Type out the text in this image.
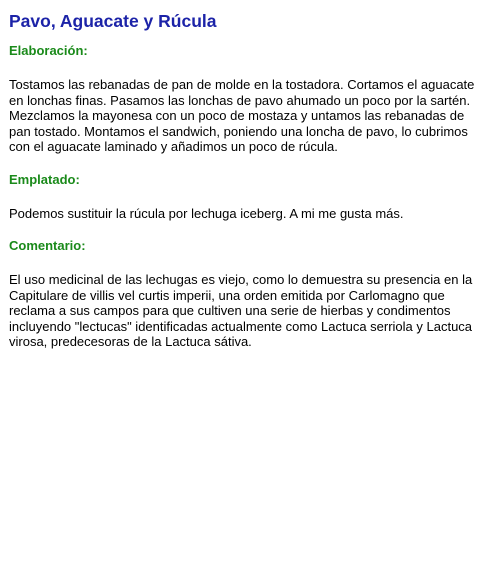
Pavo, Aguacate y Rúcula
Elaboración:

Tostamos las rebanadas de pan de molde en la tostadora. Cortamos el aguacate en lonchas finas. Pasamos las lonchas de pavo ahumado un poco por la sartén. Mezclamos la mayonesa con un poco de mostaza y untamos las rebanadas de pan tostado. Montamos el sandwich, poniendo una loncha de pavo, lo cubrimos con el aguacate laminado y añadimos un poco de rúcula.

Emplatado:

Podemos sustituir la rúcula por lechuga iceberg. A mi me gusta más.

Comentario:

El uso medicinal de las lechugas es viejo, como lo demuestra su presencia en la Capitulare de villis vel curtis imperii, una orden emitida por Carlomagno que reclama a sus campos para que cultiven una serie de hierbas y condimentos incluyendo "lectucas" identificadas actualmente como Lactuca serriola y Lactuca virosa, predecesoras de la Lactuca sátiva.
